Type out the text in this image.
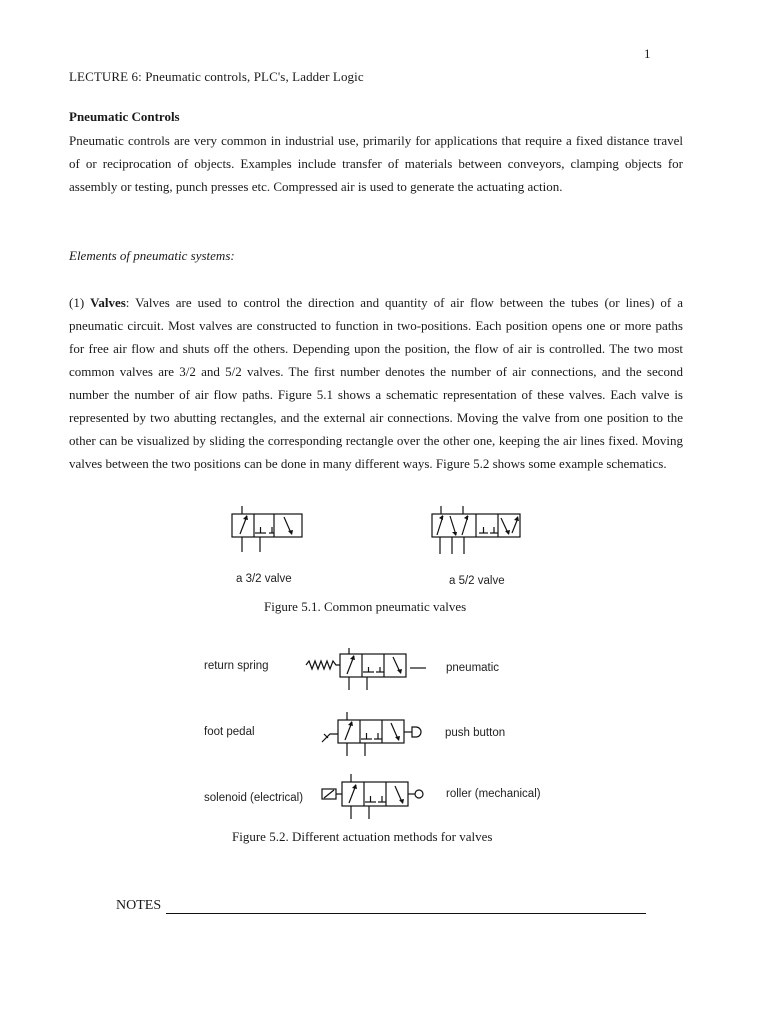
1
LECTURE 6: Pneumatic controls, PLC's, Ladder Logic
Pneumatic Controls
Pneumatic controls are very common in industrial use, primarily for applications that require a fixed distance travel of or reciprocation of objects. Examples include transfer of materials between conveyors, clamping objects for assembly or testing, punch presses etc. Compressed air is used to generate the actuating action.
Elements of pneumatic systems:
(1) Valves: Valves are used to control the direction and quantity of air flow between the tubes (or lines) of a pneumatic circuit. Most valves are constructed to function in two-positions. Each position opens one or more paths for free air flow and shuts off the others. Depending upon the position, the flow of air is controlled. The two most common valves are 3/2 and 5/2 valves. The first number denotes the number of air connections, and the second number the number of air flow paths. Figure 5.1 shows a schematic representation of these valves. Each valve is represented by two abutting rectangles, and the external air connections. Moving the valve from one position to the other can be visualized by sliding the corresponding rectangle over the other one, keeping the air lines fixed. Moving valves between the two positions can be done in many different ways. Figure 5.2 shows some example schematics.
a 3/2 valve	a 5/2 valve
Figure 5.1. Common pneumatic valves
return spring	pneumatic
foot pedal	push button
solenoid (electrical)	roller (mechanical)
Figure 5.2. Different actuation methods for valves
NOTES
